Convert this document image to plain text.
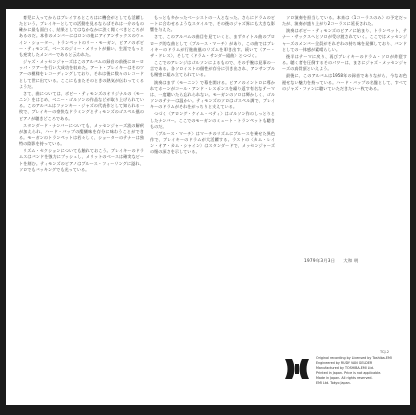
育児に入ってからはブレイするところはに機会がとしても活躍したという。ブレイキーとしての活動を見るならばそれは一介のもの確かに最も面白く、結果としてはなかなかに渋く聞くべきところがあるのだ。本作のメンバーにはロンの他にアイアンサックスのウェイン・ショーター、トランペットのリー・モーガン、ピアノのボビー・ティモンズ、ベースのジミー・メリットが揃い、生涯でもっとも充実したメンバーであると云われた。

ジャズ・メッセンジャーズはこのアルバムの録音の前後にヨーロッパ・ツアーを行い大成功を収めた。アート・ブレイキーはそのツアーの模様をレコーディングしており、それは後に数々のレコードとして世に出ている。ここにもまたそのときの熱気が伝わってくるようだ。

さて、曲については、ボビー・ティモンズのオリジナルの〈モーニン〉をはじめ、ベニー・ゴルソンの作品などが取り上げられている。このアルバムはファンキー・ジャズの代表作として知られる一枚で、ブレイキーの豪快なドラミングとティモンズのゴスペル風のピアノが聴きどころである。

スタンダード・ナンバーについても、メッセンジャーズ流の解釈が加えられ、ハード・バップの醍醐味を存分に味わうことができる。モーガンのトランペットは若々しく、ショーターのテナーは独特の陰影を持っている。

リズム・セクションについても触れておこう。ブレイキーのドラムスはバンドを強力にプッシュし、メリットのベースは確実なビートを刻む。ティモンズのピアノはブルース・フィーリングに溢れ、ソロでもバッキングでも光っている。

もっとも多かったベーシストの一人となった。さらにドラムのビートに合わせるようなスタイルで、その後のジャズ界にも大きな影響を与えた。

さて、このアルバムの曲目を見ていくと、まずタイトル曲のプロローグ的な曲として〈ブルース・マーチ〉があり、この曲ではブレイキーのドラムが行進曲風のリズムを叩き出す。続いて〈アー・ザ・ドレス〉、そして〈ドラム・サンダー組曲〉とつづく。

ここでのアレンジはゴルソンによるもので、その手腕は見事の一言である。各ソロイストの個性が存分に引き出され、アンサンブルも緻密に組み立てられている。

演奏はまず〈モーニン〉で幕を開ける。ピアノのイントロに導かれてホーンがコール・アンド・レスポンスを繰り返す有名なテーマは、一度聴いたら忘れられない。モーガンのソロは輝かしく、ゴルソンのテナーは温かい。ティモンズのソロはゴスペル調で、ブレイキーのドラムがそれをがっちりと支えている。

つづく〈アロング・ケイム・ベティ〉はゴルソン作のしっとりとしたナンバー。ここでのモーガンのミュート・トランペットも聴きものだ。

〈ブルース・マーチ〉はマーチのリズムにブルースを乗せた異色作で、ブレイキーのドラムが大活躍する。ラストの〈カム・レイン・オア・カム・シャイン〉はスタンダードで、メッセンジャーズの懐の深さを示している。

ソロ演奏を担当している。本来は〈1コーラスのみ〉の予定だったが、演奏が盛り上がり2コーラスに延長された。

演奏はボビー・ティモンズのピアノに始まり、トランペット、テナー・サックスへとソロが受け渡されていく。ここではメッセンジャーズのメンバー全員がそれぞれの持ち味を発揮しており、バンドとしての一体感が素晴らしい。

後半はテーマに戻り、再びブレイキーのドラム・ソロが炸裂する。聴く者を圧倒するそのパワーは、まさにジャズ・メッセンジャーズの真骨頂といえよう。

最後に、このアルバムは1958年の録音でありながら、今なお色褪せない魅力を持っている。ハード・バップの名盤として、すべてのジャズ・ファンに聴いていただきたい一枚である。

1979年3月3日 大和 明
TCJ-2
Original recording by Licensed by Toshiba-EMI
Engineered by RUDY VAN GELDER
Manufactured by TOSHIBA-EMI Ltd.
Printed in Japan. Price is not applicable.
Made in Japan. All rights reserved.
EMI Ltd. Tokyo Japan.
